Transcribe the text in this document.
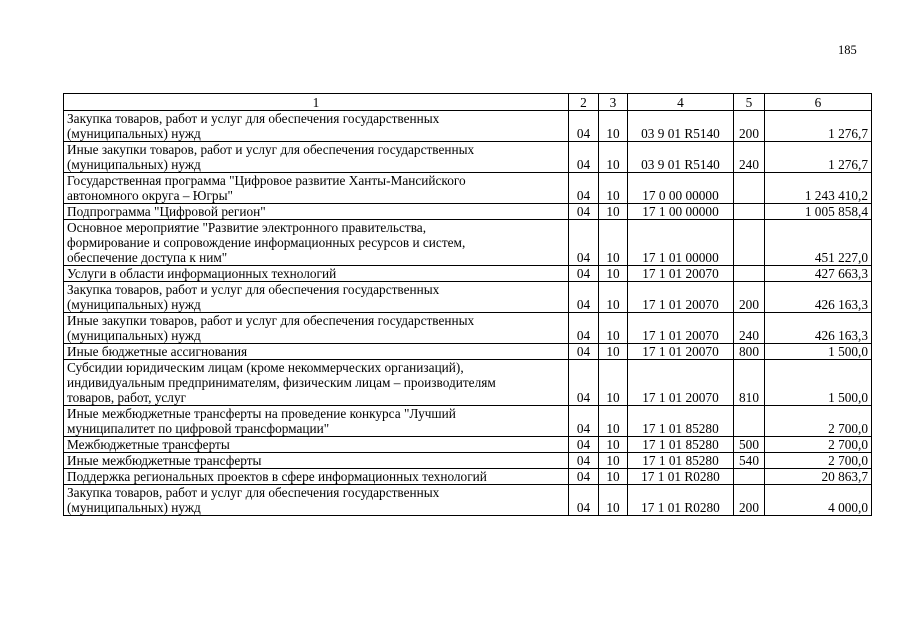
185
1	2	3	4	5	6

Закупка товаров, работ и услуг для обеспечения государственных
(муниципальных) нужд	04	10	03 9 01 R5140	200	1 276,7

Иные закупки товаров, работ и услуг для обеспечения государственных
(муниципальных) нужд	04	10	03 9 01 R5140	240	1 276,7

Государственная программа "Цифровое развитие Ханты-Мансийского
автономного округа – Югры"	04	10	17 0 00 00000		1 243 410,2

Подпрограмма "Цифровой регион"	04	10	17 1 00 00000		1 005 858,4

Основное мероприятие "Развитие электронного правительства,
формирование и сопровождение информационных ресурсов и систем,
обеспечение доступа к ним"	04	10	17 1 01 00000		451 227,0

Услуги в области информационных технологий	04	10	17 1 01 20070		427 663,3

Закупка товаров, работ и услуг для обеспечения государственных
(муниципальных) нужд	04	10	17 1 01 20070	200	426 163,3

Иные закупки товаров, работ и услуг для обеспечения государственных
(муниципальных) нужд	04	10	17 1 01 20070	240	426 163,3

Иные бюджетные ассигнования	04	10	17 1 01 20070	800	1 500,0

Субсидии юридическим лицам (кроме некоммерческих организаций),
индивидуальным предпринимателям, физическим лицам – производителям
товаров, работ, услуг	04	10	17 1 01 20070	810	1 500,0

Иные межбюджетные трансферты на проведение конкурса "Лучший
муниципалитет по цифровой трансформации"	04	10	17 1 01 85280		2 700,0

Межбюджетные трансферты	04	10	17 1 01 85280	500	2 700,0

Иные межбюджетные трансферты	04	10	17 1 01 85280	540	2 700,0

Поддержка региональных проектов в сфере информационных технологий	04	10	17 1 01 R0280		20 863,7

Закупка товаров, работ и услуг для обеспечения государственных
(муниципальных) нужд	04	10	17 1 01 R0280	200	4 000,0
